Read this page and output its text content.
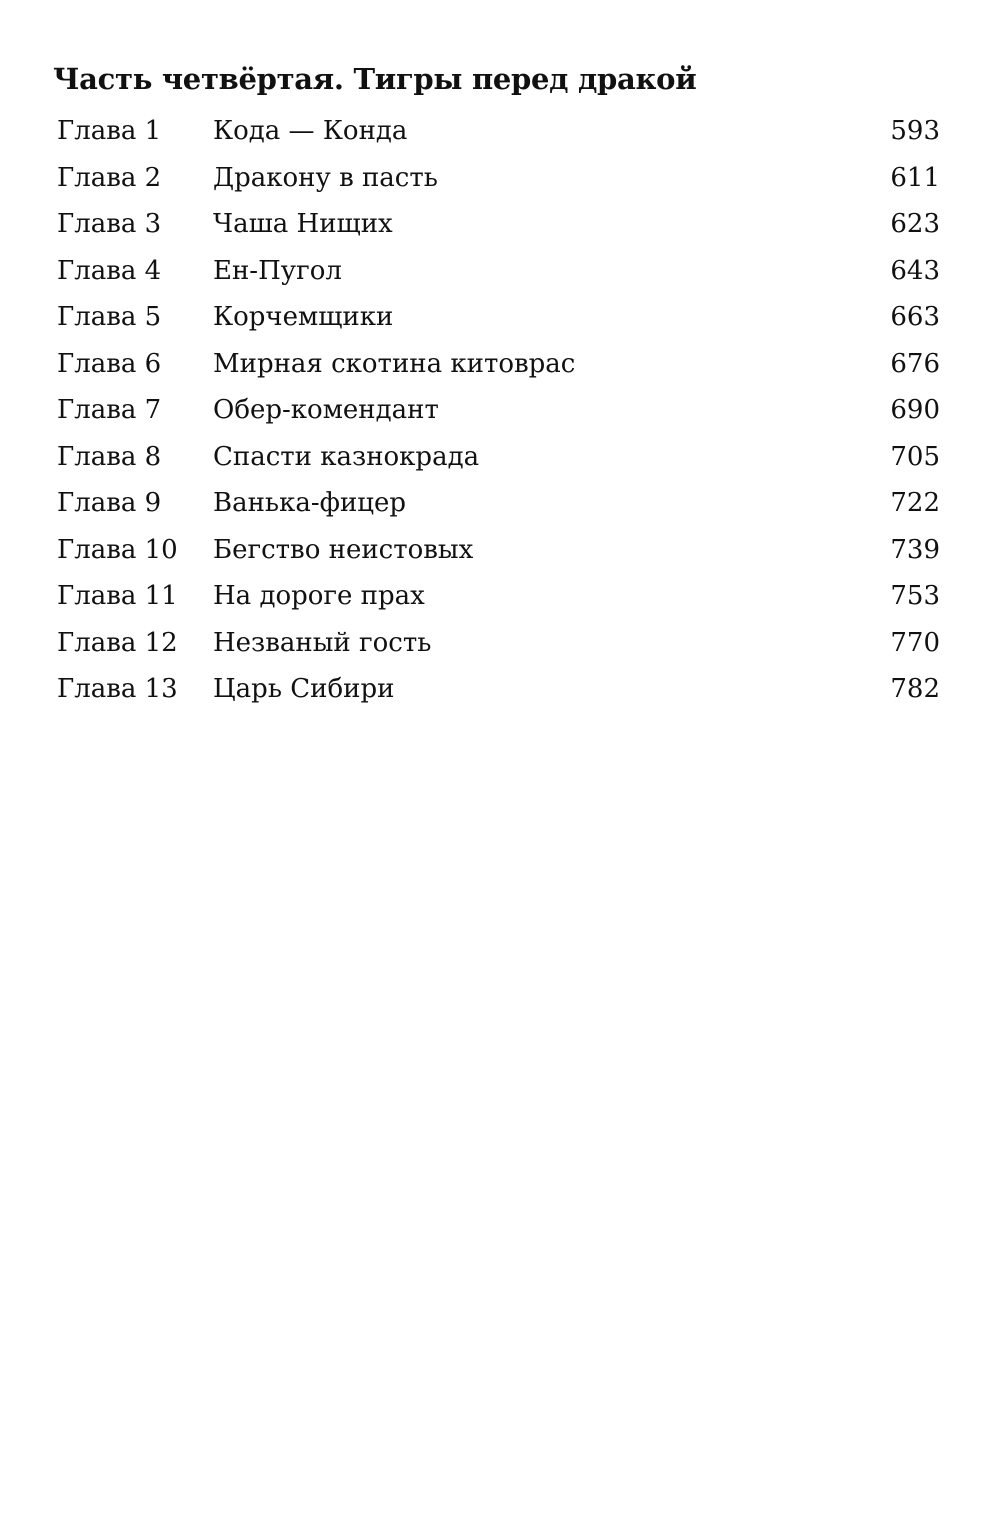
Часть четвёртая. Тигры перед дракой
Глава 1 Кода — Конда	593
Глава 2 Дракону в пасть	611
Глава 3 Чаша Нищих	623
Глава 4 Ен-Пугол	643
Глава 5 Корчемщики	663
Глава 6 Мирная скотина китоврас	676
Глава 7 Обер-комендант	690
Глава 8 Спасти казнокрада	705
Глава 9 Ванька-фицер	722
Глава 10 Бегство неистовых	739
Глава 11 На дороге прах	753
Глава 12 Незваный гость	770
Глава 13 Царь Сибири	782
